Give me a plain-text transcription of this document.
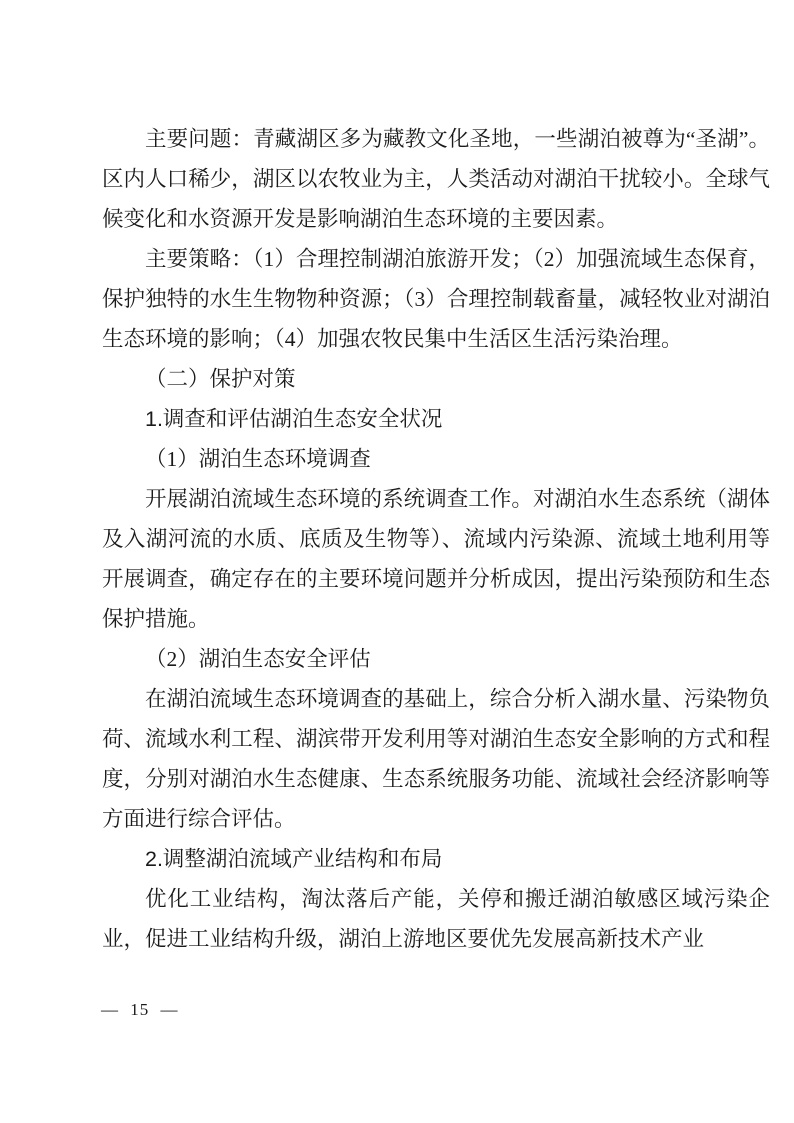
主要问题：青藏湖区多为藏教文化圣地，一些湖泊被尊为“圣湖”。区内人口稀少，湖区以农牧业为主，人类活动对湖泊干扰较小。全球气候变化和水资源开发是影响湖泊生态环境的主要因素。

主要策略：（1）合理控制湖泊旅游开发；（2）加强流域生态保育，保护独特的水生生物物种资源；（3）合理控制载畜量，减轻牧业对湖泊生态环境的影响；（4）加强农牧民集中生活区生活污染治理。

（二）保护对策
1.调查和评估湖泊生态安全状况

（1）湖泊生态环境调查

开展湖泊流域生态环境的系统调查工作。对湖泊水生态系统（湖体及入湖河流的水质、底质及生物等）、流域内污染源、流域土地利用等开展调查，确定存在的主要环境问题并分析成因，提出污染预防和生态保护措施。

（2）湖泊生态安全评估

在湖泊流域生态环境调查的基础上，综合分析入湖水量、污染物负荷、流域水利工程、湖滨带开发利用等对湖泊生态安全影响的方式和程度，分别对湖泊水生态健康、生态系统服务功能、流域社会经济影响等方面进行综合评估。

2.调整湖泊流域产业结构和布局

优化工业结构，淘汰落后产能，关停和搬迁湖泊敏感区域污染企业，促进工业结构升级，湖泊上游地区要优先发展高新技术产业

— 15 —
